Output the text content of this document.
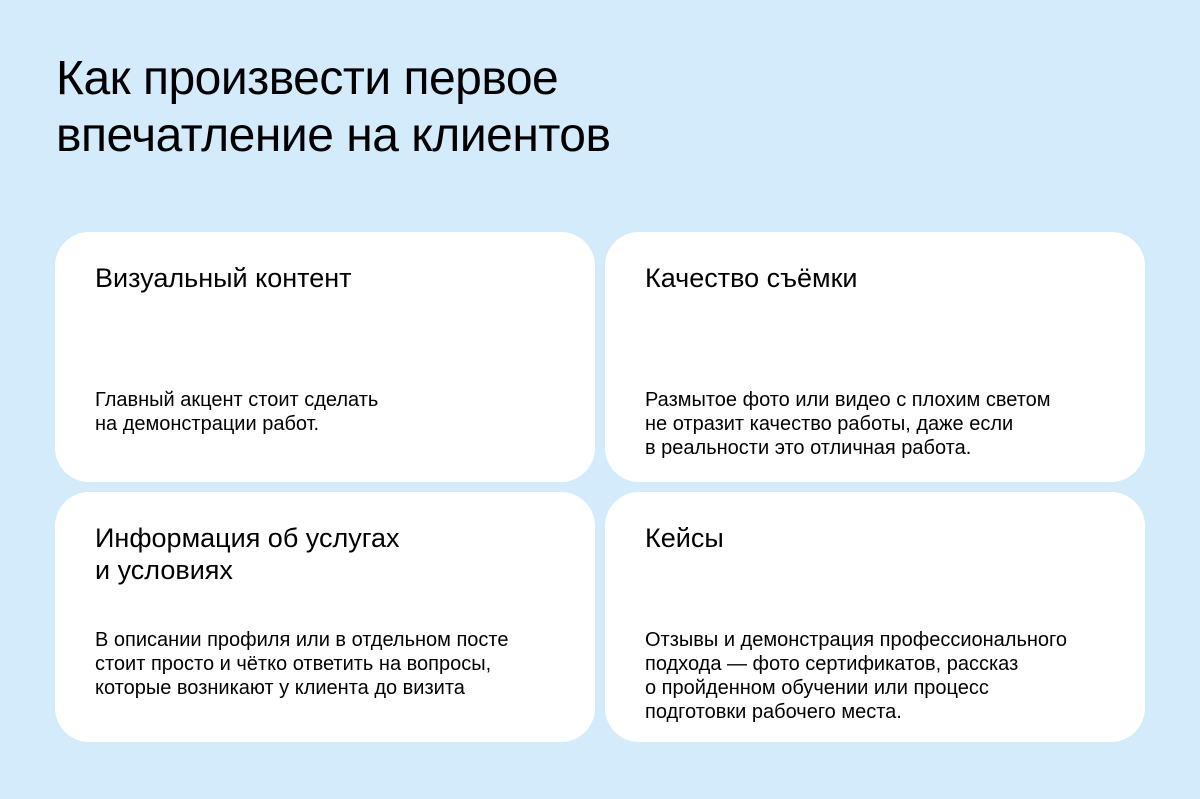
Как произвести первое
впечатление на клиентов
Визуальный контент

Главный акцент стоит сделать
на демонстрации работ.

Качество съёмки

Размытое фото или видео с плохим светом
не отразит качество работы, даже если
в реальности это отличная работа.

Информация об услугах
и условиях

В описании профиля или в отдельном посте
стоит просто и чётко ответить на вопросы,
которые возникают у клиента до визита

Кейсы

Отзывы и демонстрация профессионального
подхода — фото сертификатов, рассказ
о пройденном обучении или процесс
подготовки рабочего места.
